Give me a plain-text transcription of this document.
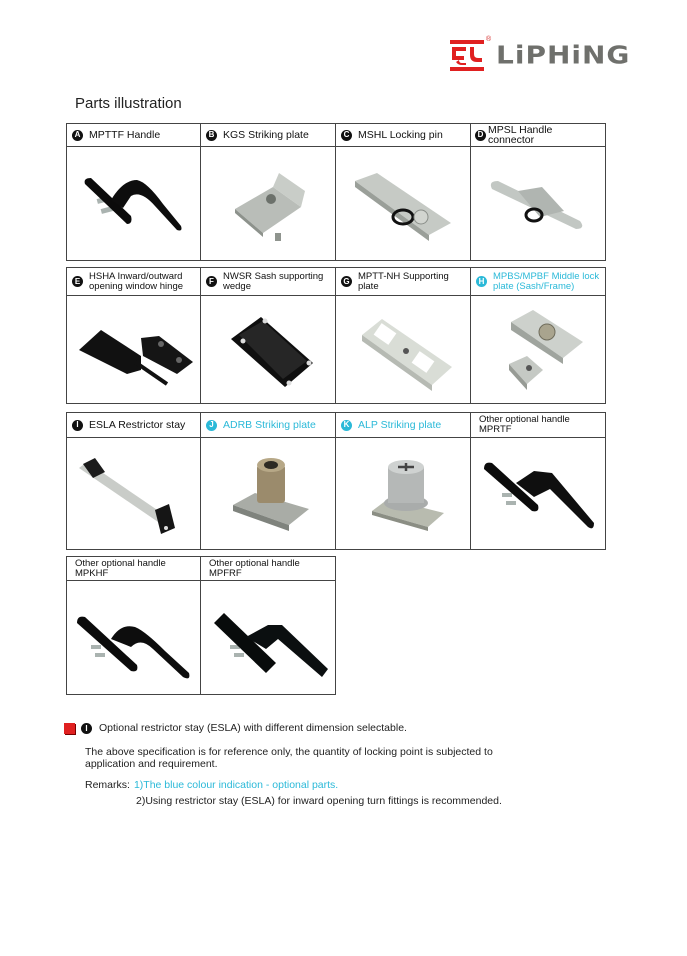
®
LiPHiNG
Parts illustration
A MPTTF Handle	B KGS Striking plate	C MSHL Locking pin	D MPSL Handle connector
E HSHA Inward/outward
opening window hinge	F NWSR Sash supporting
wedge	G MPTT-NH Supporting plate	H MPBS/MPBF Middle lock
plate (Sash/Frame)
I ESLA Restrictor stay	J ADRB Striking plate	K ALP Striking plate	Other optional handle
MPRTF
Other optional handle
MPKHF
Other optional handle
MPFRF
I	Optional restrictor stay (ESLA) with different dimension selectable.
The above specification is for reference only, the quantity of locking point is subjected to application and requirement.
Remarks: 1)The blue colour indication - optional parts.
2)Using restrictor stay (ESLA) for inward opening turn fittings is recommended.
